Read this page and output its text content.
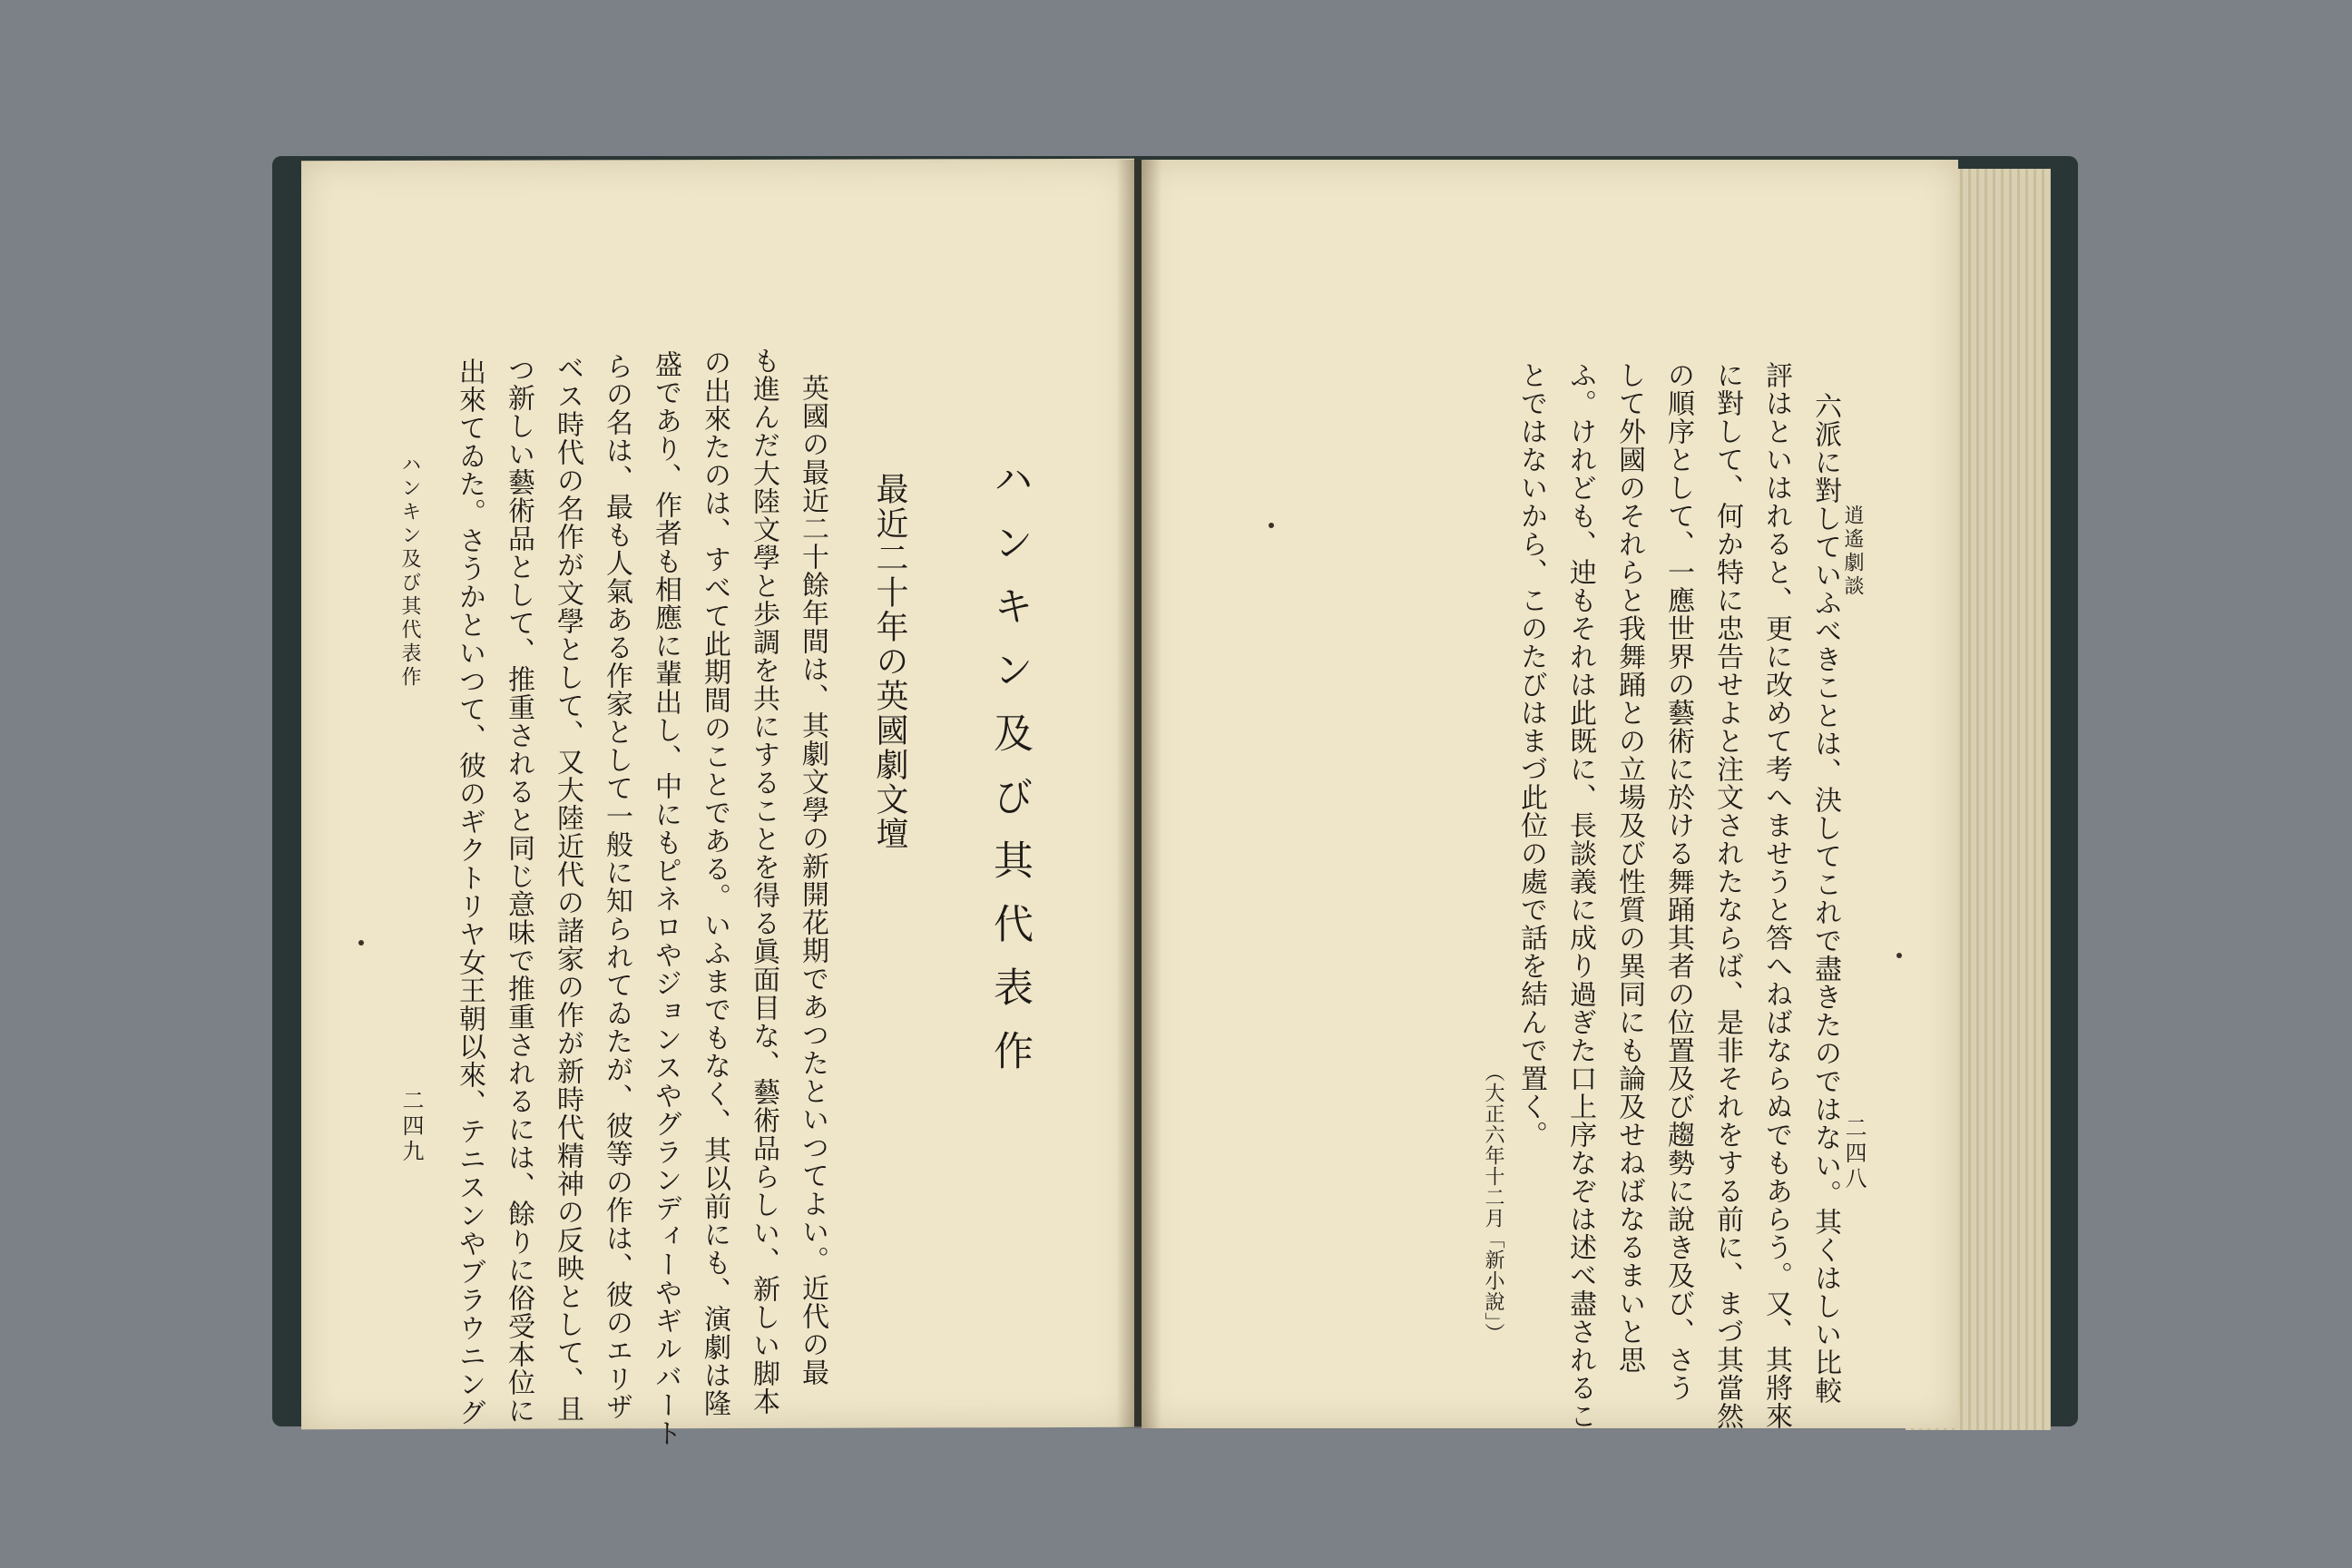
ハンキン及び其代表作
最近二十年の英國劇文壇
英國の最近二十餘年間は、其劇文學の新開花期であつたといつてよい。近代の最
も進んだ大陸文學と歩調を共にすることを得る眞面目な、藝術品らしい、新しい脚本
の出來たのは、すべて此期間のことである。いふまでもなく、其以前にも、演劇は隆
盛であり、作者も相應に輩出し、中にもピネロやジョンスやグランディーやギルバート
らの名は、最も人氣ある作家として一般に知られてゐたが、彼等の作は、彼のエリザ
ベス時代の名作が文學として、又大陸近代の諸家の作が新時代精神の反映として、且
つ新しい藝術品として、推重されると同じ意味で推重されるには、餘りに俗受本位に
出來てゐた。さうかといつて、彼のギクトリヤ女王朝以來、テニスンやブラウニング
ハンキン及び其代表作
二四九
逍遙劇談
二四八
六派に對していふべきことは、決してこれで盡きたのではない。其くはしい比較
評はといはれると、更に改めて考へませうと答へねばならぬでもあらう。又、其將來
に對して、何か特に忠告せよと注文されたならば、是非それをする前に、まづ其當然
の順序として、一應世界の藝術に於ける舞踊其者の位置及び趨勢に說き及び、さう
して外國のそれらと我舞踊との立場及び性質の異同にも論及せねばなるまいと思
ふ。けれども、迚もそれは此既に、長談義に成り過ぎた口上序なぞは述べ盡されるこ
とではないから、このたびはまづ此位の處で話を結んで置く。
（大正六年十二月「新小說」）
